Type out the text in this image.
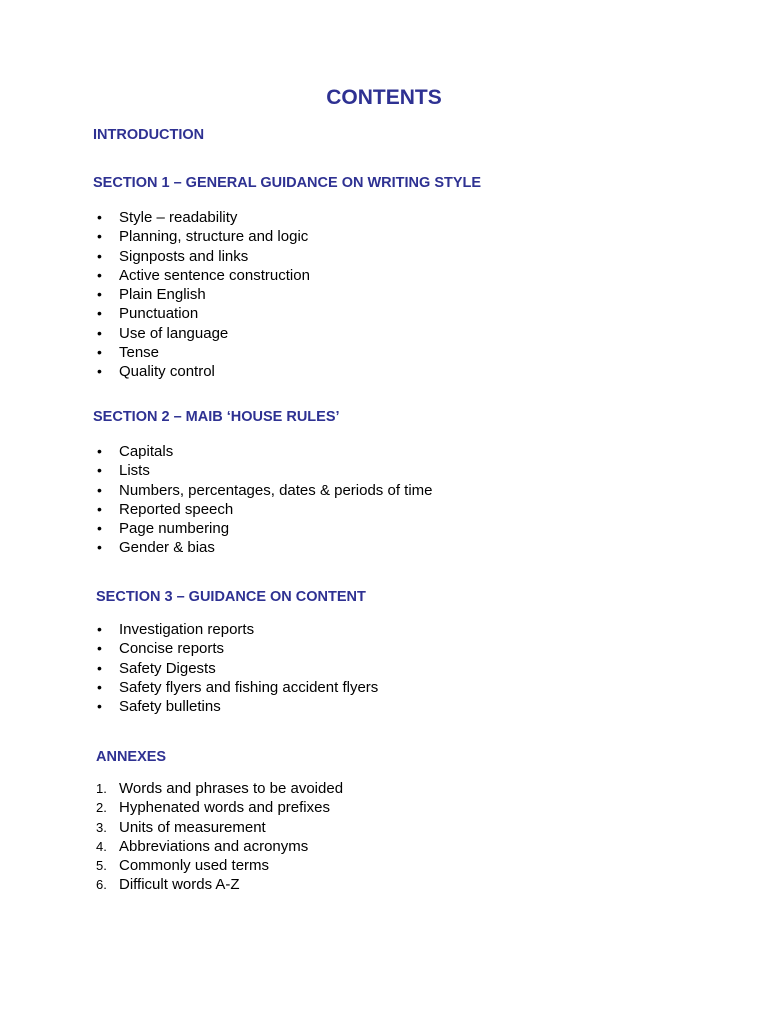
CONTENTS
INTRODUCTION
SECTION 1 – GENERAL GUIDANCE ON WRITING STYLE
• Style – readability
• Planning, structure and logic
• Signposts and links
• Active sentence construction
• Plain English
• Punctuation
• Use of language
• Tense
• Quality control
SECTION 2 – MAIB ‘HOUSE RULES’
• Capitals
• Lists
• Numbers, percentages, dates & periods of time
• Reported speech
• Page numbering
• Gender & bias
SECTION 3 – GUIDANCE ON CONTENT
• Investigation reports
• Concise reports
• Safety Digests
• Safety flyers and fishing accident flyers
• Safety bulletins
ANNEXES
1. Words and phrases to be avoided
2. Hyphenated words and prefixes
3. Units of measurement
4. Abbreviations and acronyms
5. Commonly used terms
6. Difficult words A-Z
